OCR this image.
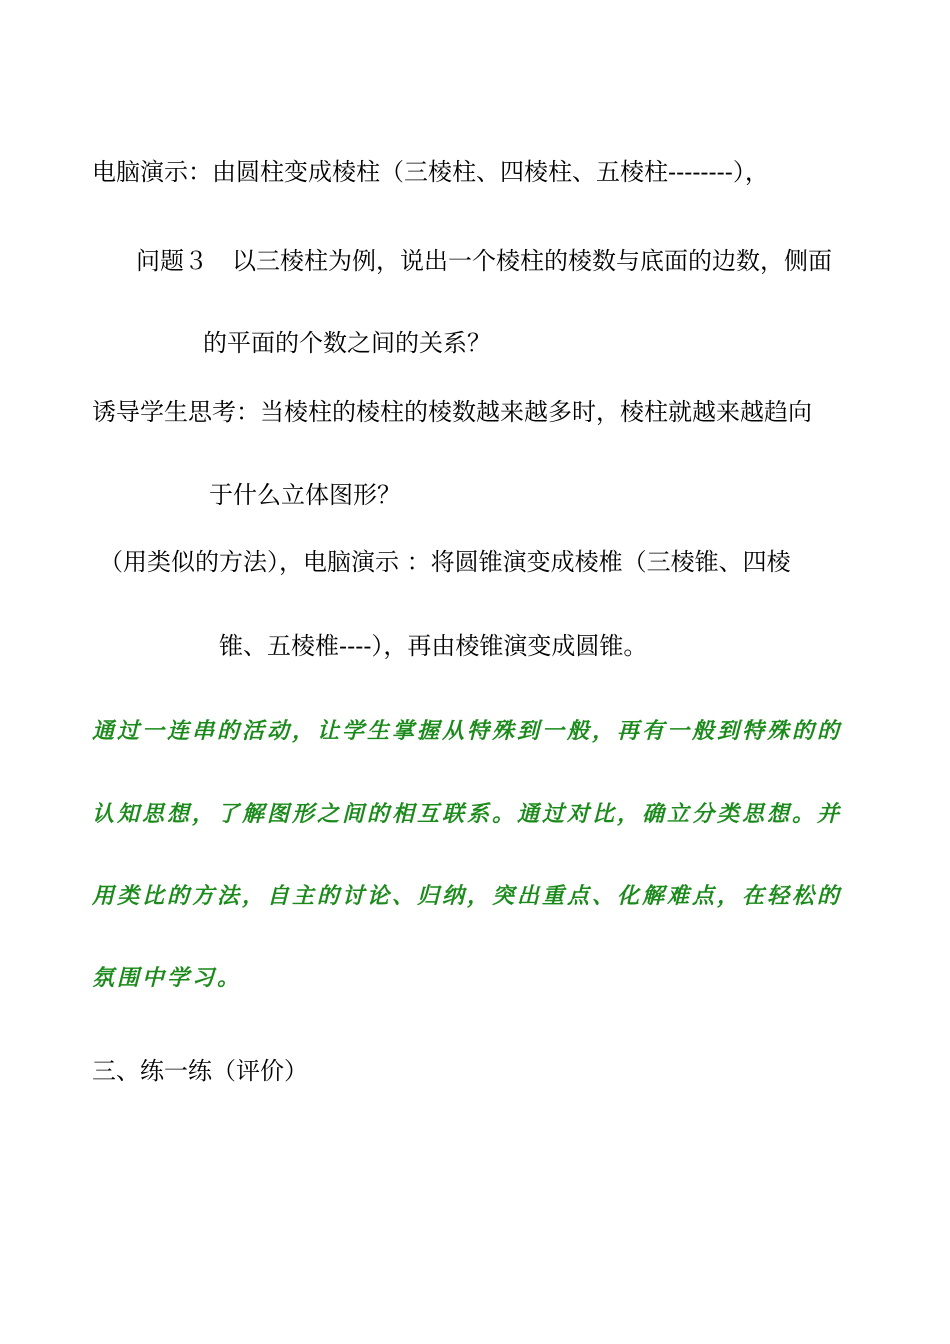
电脑演示：由圆柱变成棱柱（三棱柱、四棱柱、五棱柱--------），

问题３　以三棱柱为例，说出一个棱柱的棱数与底面的边数，侧面

的平面的个数之间的关系？

诱导学生思考：当棱柱的棱柱的棱数越来越多时，棱柱就越来越趋向

于什么立体图形？

（用类似的方法），电脑演示 ：将圆锥演变成棱椎（三棱锥、四棱

锥、五棱椎----），再由棱锥演变成圆锥。

通过一连串的活动，让学生掌握从特殊到一般，再有一般到特殊的的

认知思想，了解图形之间的相互联系。通过对比，确立分类思想。并

用类比的方法，自主的讨论、归纳，突出重点、化解难点，在轻松的

氛围中学习。

三、练一练（评价）
